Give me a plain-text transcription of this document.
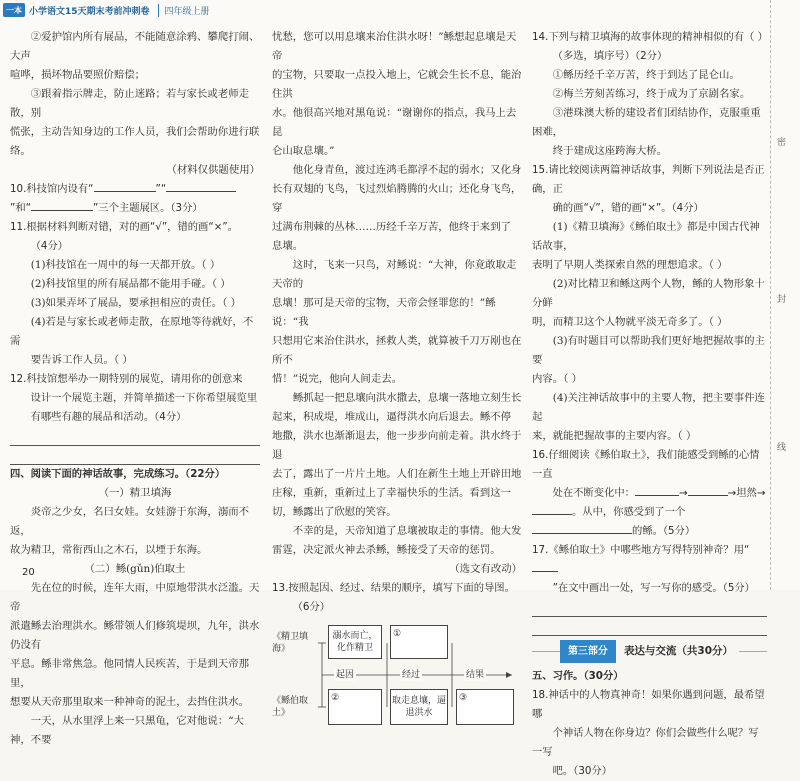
一本 小学语文15天期末考前冲刺卷	四年级上册

②爱护馆内所有展品，不能随意涂鸦、攀爬打闹、大声

喧哗，损坏物品要照价赔偿；

③跟着指示牌走，防止迷路；若与家长或老师走散，别

慌张，主动告知身边的工作人员，我们会帮助你进行联络。

（材料仅供题使用）

10.科技馆内设有“	”“

”和“	”三个主题展区。（3分）

11.根据材料判断对错，对的画“√”，错的画“×”。

（4分）

(1)科技馆在一周中的每一天都开放。（ ）

(2)科技馆里的所有展品都不能用手碰。（ ）

(3)如果弄坏了展品，要承担相应的责任。（ ）

(4)若是与家长或老师走散，在原地等待就好，不需

要告诉工作人员。（ ）

12.科技馆想举办一期特别的展览，请用你的创意来

设计一个展览主题，并简单描述一下你希望展览里

有哪些有趣的展品和活动。（4分）

四、阅读下面的神话故事，完成练习。（22分）

（一）精卫填海

炎帝之少女，名曰女娃。女娃游于东海，溺而不返，

故为精卫，常衔西山之木石，以堙于东海。

（二）鲧(gǔn)伯取土

先在位的时候，连年大雨，中原地带洪水泛滥。天帝

派遣鲧去治理洪水。鲧带领人们修筑堤坝，九年，洪水仍没有

平息。鲧非常焦急。他同情人民疾苦，于是到天帝那里，

想要从天帝那里取来一种神奇的泥土，去挡住洪水。

一天，从水里浮上来一只黑龟，它对他说：“大神，不要

忧愁，您可以用息壤来治住洪水呀！”鲧想起息壤是天帝

的宝物，只要取一点投入地上，它就会生长不息，能治住洪

水。他很高兴地对黑龟说：“谢谢你的指点，我马上去昆

仑山取息壤。”

他化身青鱼，渡过连鸿毛都浮不起的弱水；又化身

长有双翅的飞鸟，飞过烈焰腾腾的火山；还化身飞鸟，穿

过满布荆棘的丛林……历经千辛万苦，他终于来到了

息壤。

这时，飞来一只鸟，对鲧说：“大神，你竟敢取走天帝的

息壤！那可是天帝的宝物，天帝会怪罪您的！”鲧说：“我

只想用它来治住洪水，拯救人类，就算被千刀万剐也在所不

惜！”说完，他向人间走去。

鲧抓起一把息壤向洪水撒去，息壤一落地立刻生长

起来，积成堤，堆成山，逼得洪水向后退去。鲧不停

地撒，洪水也渐渐退去，他一步步向前走着。洪水终于退

去了，露出了一片片土地。人们在新生土地上开辟田地

庄稼，重新，重新过上了幸福快乐的生活。看到这一

切，鲧露出了欣慰的笑容。

不幸的是，天帝知道了息壤被取走的事情。他大发

雷霆，决定派火神去杀鲧，鲧接受了天帝的惩罚。

（选文有改动）

13.按照起因、经过、结果的顺序，填写下面的导图。

（6分）

《精卫填海》
《鲧伯取土》
溺水而亡，化作精卫
①
②	取走息壤，逼退洪水
③
起因	经过	结果

14.下列与精卫填海的故事体现的精神相似的有（ ）

（多选，填序号）（2分）

①鲧历经千辛万苦，终于到达了昆仑山。

②梅兰芳刻苦练习，终于成为了京剧名家。

③港珠澳大桥的建设者们团结协作，克服重重困难，

终于建成这座跨海大桥。

15.请比较阅读两篇神话故事，判断下列说法是否正确，正

确的画“√”，错的画“×”。（4分）

(1)《精卫填海》《鲧伯取土》都是中国古代神话故事，

表明了早期人类探索自然的理想追求。（ ）

(2)对比精卫和鲧这两个人物，鲧的人物形象十分鲜

明，而精卫这个人物就平淡无奇多了。（ ）

(3)有时题目可以帮助我们更好地把握故事的主要

内容。（ ）

(4)关注神话故事中的主要人物，把主要事件连起

来，就能把握故事的主要内容。（ ）

16.仔细阅读《鲧伯取土》，我们能感受到鲧的心情一直

处在不断变化中：	→	→坦然→

。从中，你感受到了一个

的鲧。（5分）

17.《鲧伯取土》中哪些地方写得特别神奇？用“

”在文中画出一处，写一写你的感受。（5分）

第三部分	表达与交流（共30分）

五、习作。（30分）

18.神话中的人物真神奇！如果你遇到问题，最希望哪

个神话人物在你身边？你们会做些什么呢？写一写

吧。（30分）

密
封
线
20
